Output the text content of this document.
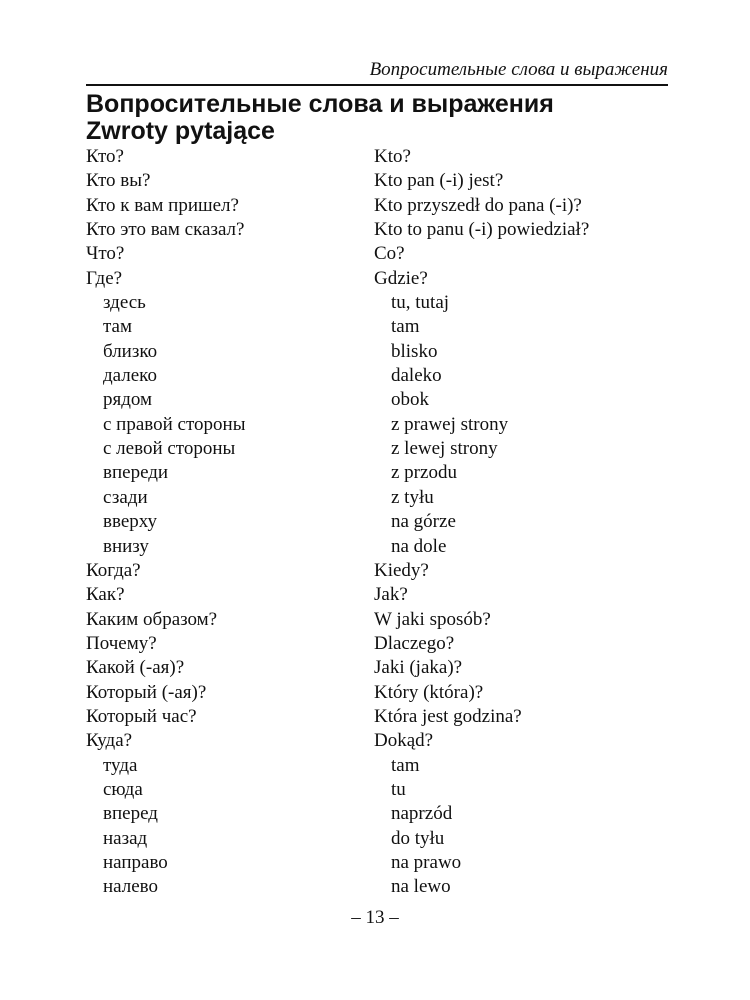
Вопросительные слова и выражения
Вопросительные слова и выражения
Zwroty pytające
Кто?
Кто вы?
Кто к вам пришел?
Кто это вам сказал?
Что?
Где?
здесь
там
близко
далеко
рядом
с правой стороны
с левой стороны
впереди
сзади
вверху
внизу
Когда?
Как?
Каким образом?
Почему?
Какой (-ая)?
Который (-ая)?
Который час?
Куда?
туда
сюда
вперед
назад
направо
налево
Kto?
Kto pan (-i) jest?
Kto przyszedł do pana (-i)?
Kto to panu (-i) powiedział?
Co?
Gdzie?
tu, tutaj
tam
blisko
daleko
obok
z prawej strony
z lewej strony
z przodu
z tyłu
na górze
na dole
Kiedy?
Jak?
W jaki sposób?
Dlaczego?
Jaki (jaka)?
Który (która)?
Która jest godzina?
Dokąd?
tam
tu
naprzód
do tyłu
na prawo
na lewo
– 13 –
